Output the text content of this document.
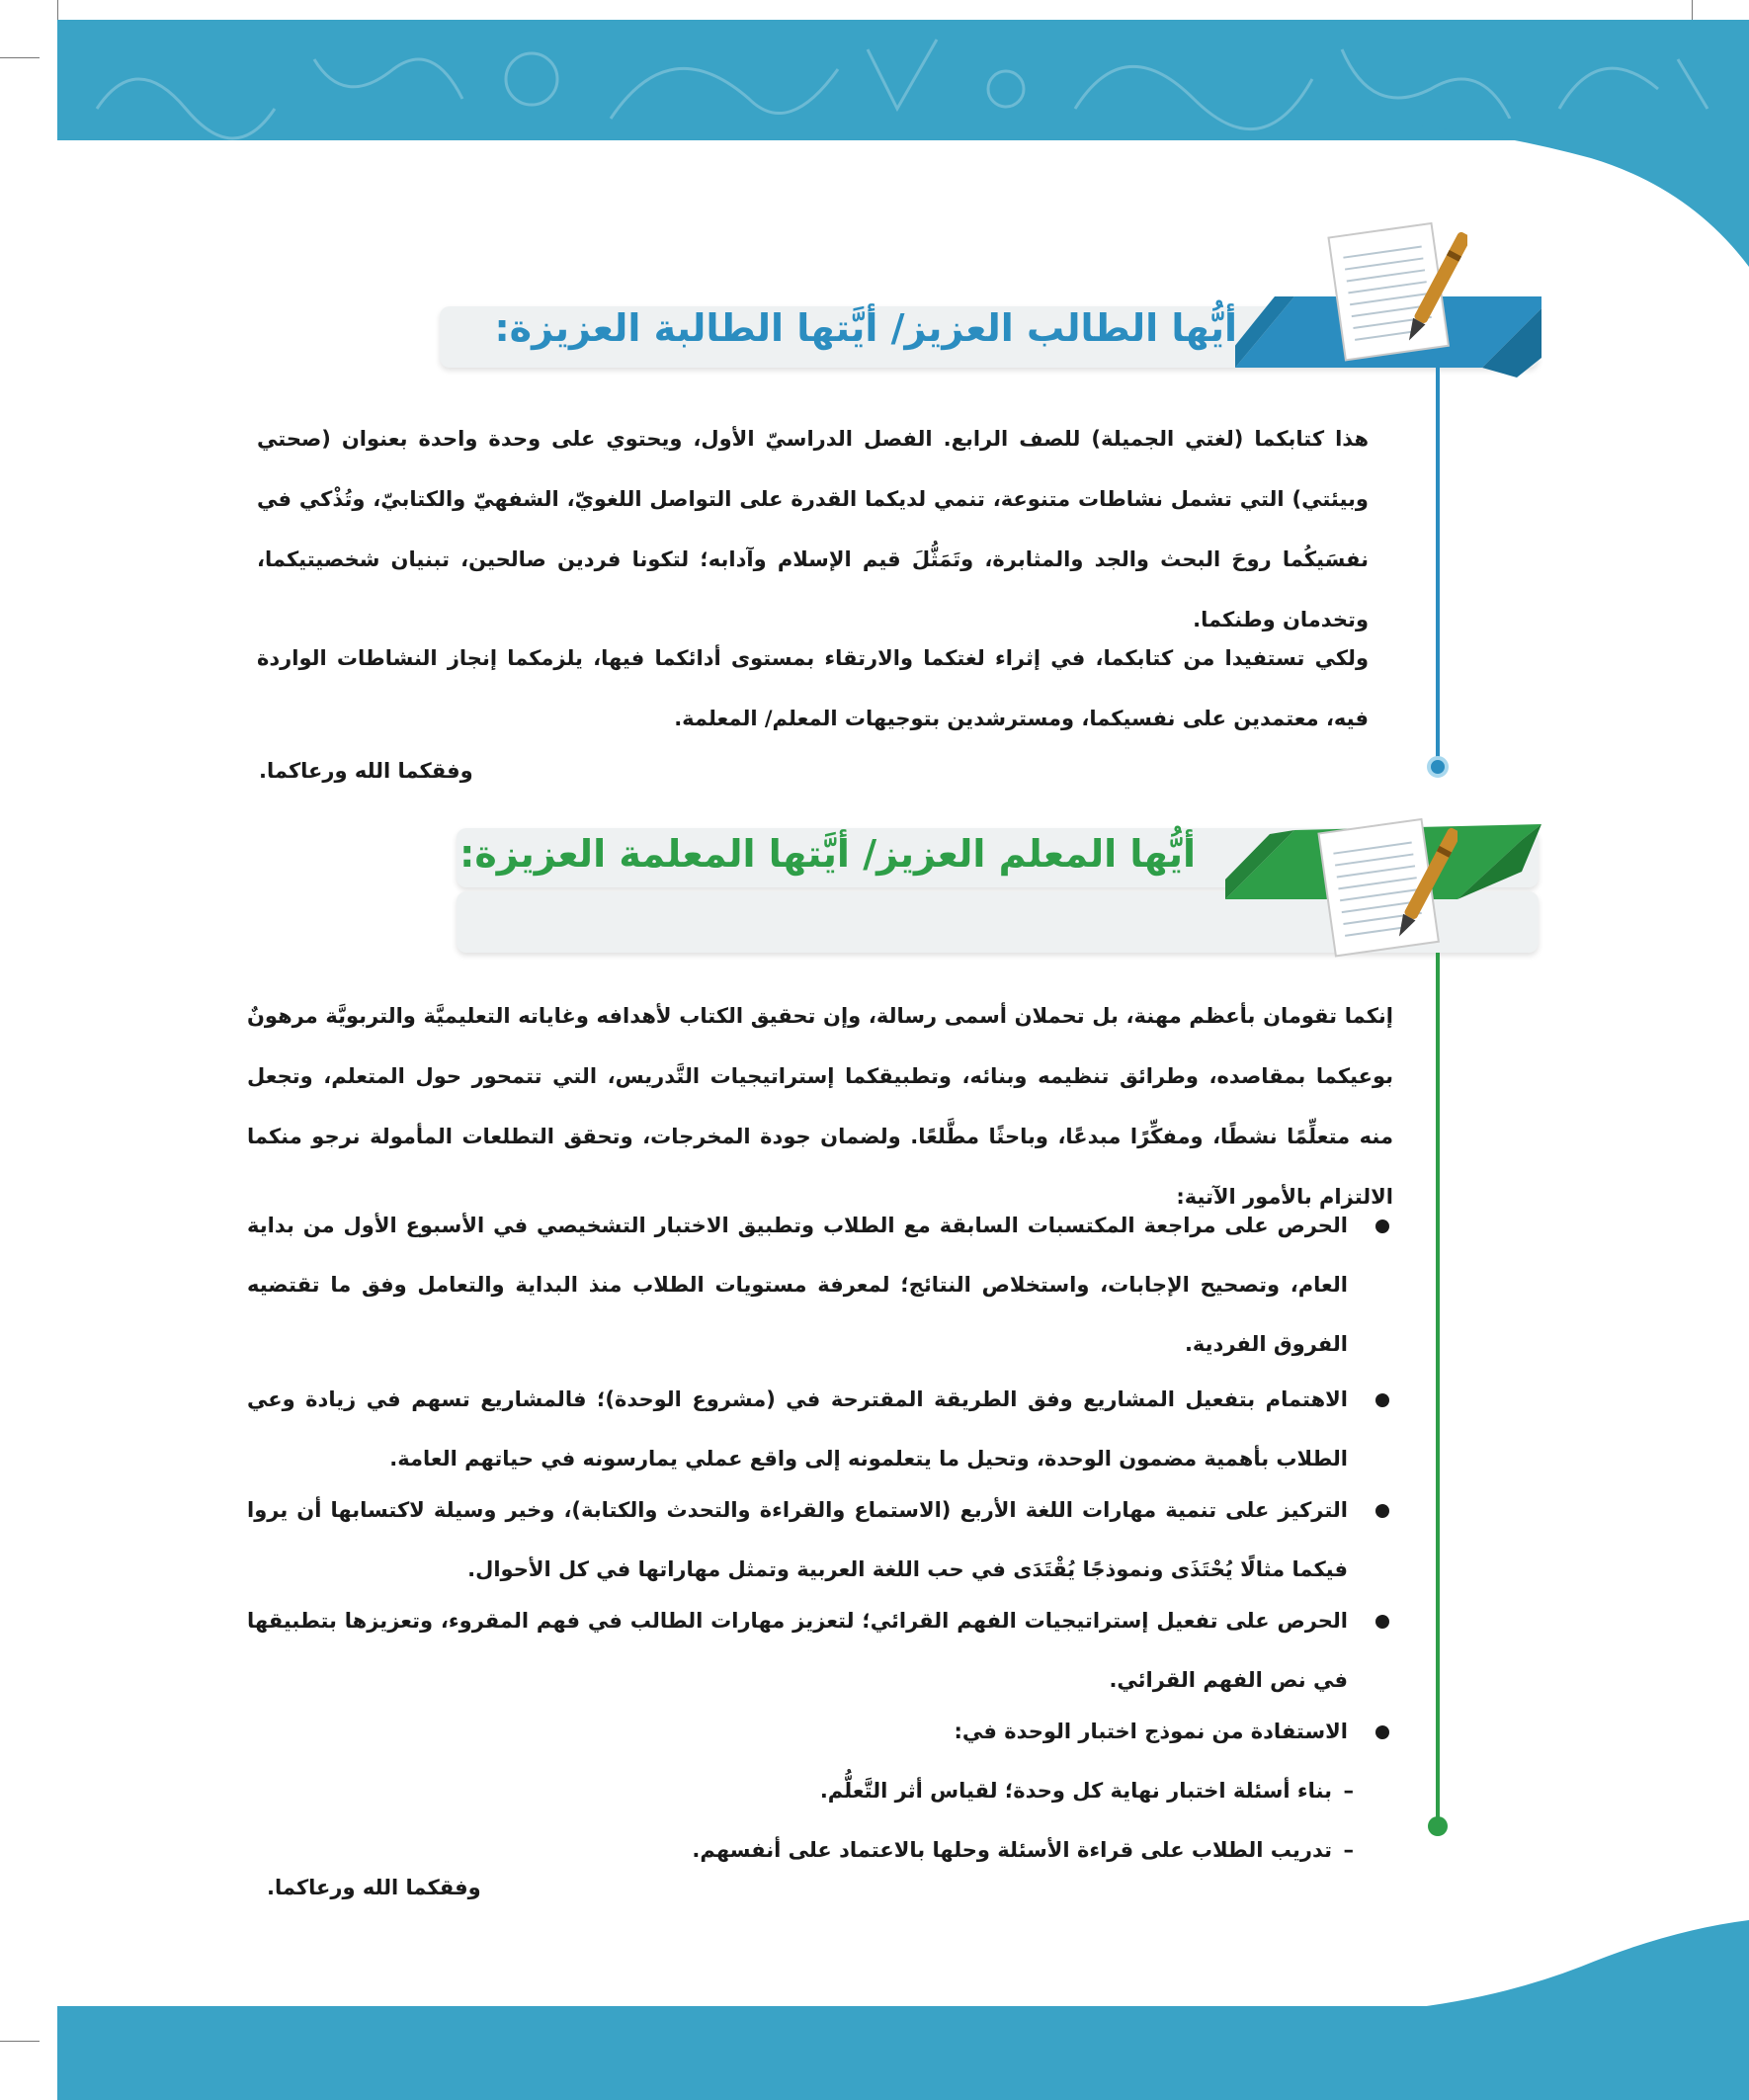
أيُّها الطالب العزيز/ أيَّتها الطالبة العزيزة:

هذا كتابكما (لغتي الجميلة) للصف الرابع. الفصل الدراسيّ الأول، ويحتوي على وحدة واحدة بعنوان (صحتي وبيئتي) التي تشمل نشاطات متنوعة، تنمي لديكما القدرة على التواصل اللغويّ، الشفهيّ والكتابيّ، وتُذْكي في نفسَيكُما روحَ البحث والجد والمثابرة، وتَمَثُّلَ قيم الإسلام وآدابه؛ لتكونا فردين صالحين، تبنيان شخصيتيكما، وتخدمان وطنكما.

ولكي تستفيدا من كتابكما، في إثراء لغتكما والارتقاء بمستوى أدائكما فيها، يلزمكما إنجاز النشاطات الواردة فيه، معتمدين على نفسيكما، ومسترشدين بتوجيهات المعلم/ المعلمة.

وفقكما الله ورعاكما.
أيُّها المعلم العزيز/ أيَّتها المعلمة العزيزة:

إنكما تقومان بأعظم مهنة، بل تحملان أسمى رسالة، وإن تحقيق الكتاب لأهدافه وغاياته التعليميَّة والتربويَّة مرهونٌ بوعيكما بمقاصده، وطرائق تنظيمه وبنائه، وتطبيقكما إستراتيجيات التَّدريس، التي تتمحور حول المتعلم، وتجعل منه متعلِّمًا نشطًا، ومفكِّرًا مبدعًا، وباحثًا مطَّلعًا. ولضمان جودة المخرجات، وتحقق التطلعات المأمولة نرجو منكما الالتزام بالأمور الآتية:

الحرص على مراجعة المكتسبات السابقة مع الطلاب وتطبيق الاختبار التشخيصي في الأسبوع الأول من بداية العام، وتصحيح الإجابات، واستخلاص النتائج؛ لمعرفة مستويات الطلاب منذ البداية والتعامل وفق ما تقتضيه الفروق الفردية.
الاهتمام بتفعيل المشاريع وفق الطريقة المقترحة في (مشروع الوحدة)؛ فالمشاريع تسهم في زيادة وعي الطلاب بأهمية مضمون الوحدة، وتحيل ما يتعلمونه إلى واقع عملي يمارسونه في حياتهم العامة.
التركيز على تنمية مهارات اللغة الأربع (الاستماع والقراءة والتحدث والكتابة)، وخير وسيلة لاكتسابها أن يروا فيكما مثالًا يُحْتَذَى ونموذجًا يُقْتَدَى في حب اللغة العربية وتمثل مهاراتها في كل الأحوال.
الحرص على تفعيل إستراتيجيات الفهم القرائي؛ لتعزيز مهارات الطالب في فهم المقروء، وتعزيزها بتطبيقها في نص الفهم القرائي.
الاستفادة من نموذج اختبار الوحدة في:
–
بناء أسئلة اختبار نهاية كل وحدة؛ لقياس أثر التَّعلُّم.
–
تدريب الطلاب على قراءة الأسئلة وحلها بالاعتماد على أنفسهم.
وفقكما الله ورعاكما.
٦
